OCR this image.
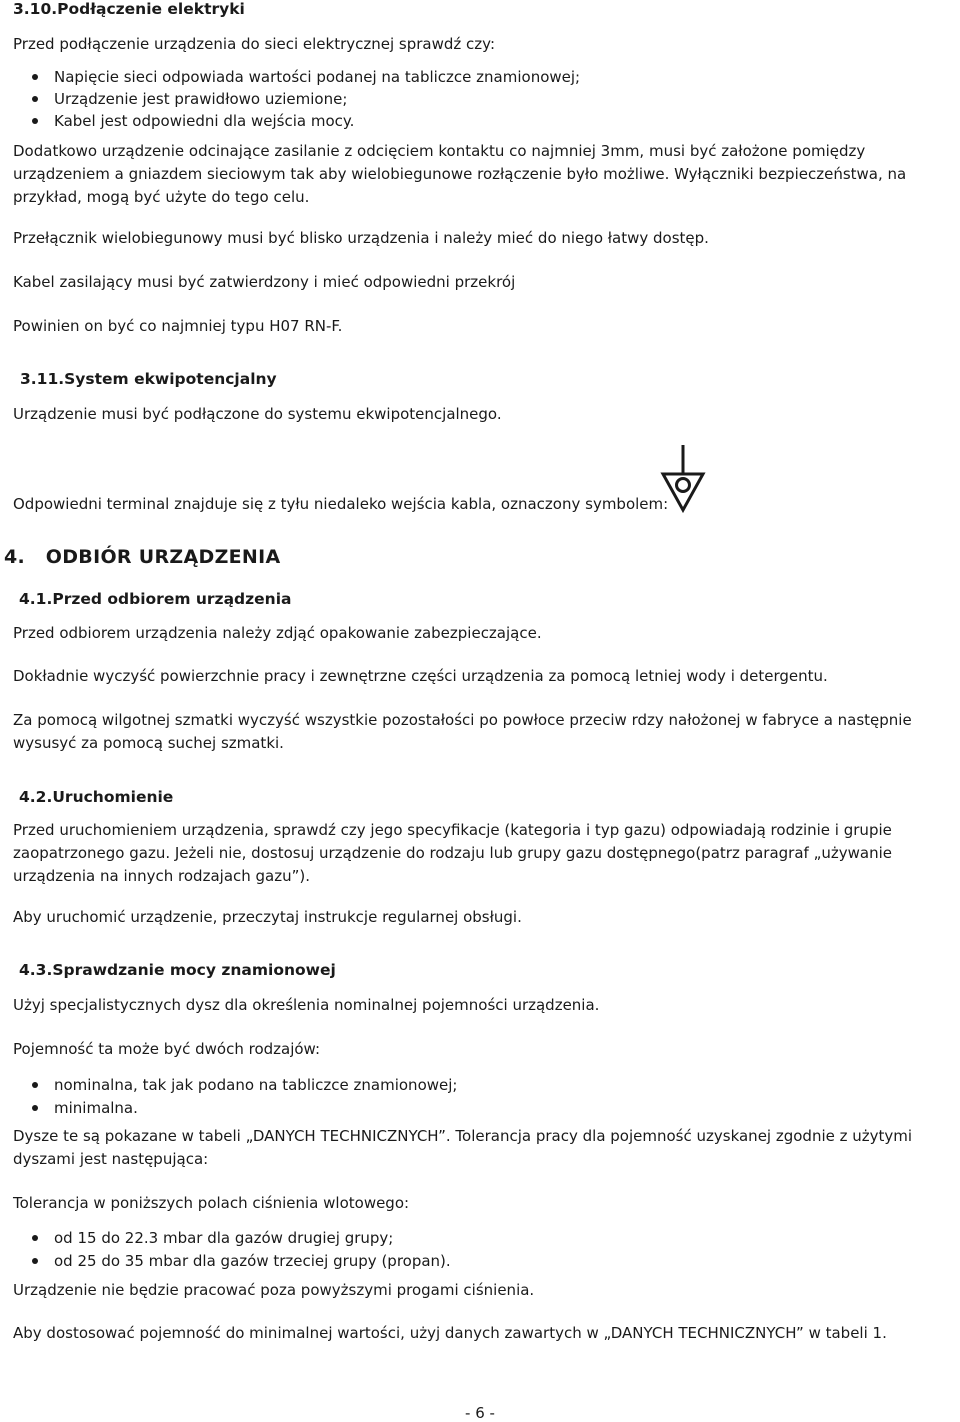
3.10.Podłączenie elektryki
Przed podłączenie urządzenia do sieci elektrycznej sprawdź czy:
Napięcie sieci odpowiada wartości podanej na tabliczce znamionowej;
Urządzenie jest prawidłowo uziemione;
Kabel jest odpowiedni dla wejścia mocy.
Dodatkowo urządzenie odcinające zasilanie z odcięciem kontaktu co najmniej 3mm, musi być założone pomiędzy urządzeniem a gniazdem sieciowym tak aby wielobiegunowe rozłączenie było możliwe. Wyłączniki bezpieczeństwa, na przykład, mogą być użyte do tego celu.
Przełącznik wielobiegunowy musi być blisko urządzenia i należy mieć do niego łatwy dostęp.
Kabel zasilający musi być zatwierdzony i mieć odpowiedni przekrój
Powinien on być co najmniej typu H07 RN-F.
3.11.System ekwipotencjalny
Urządzenie musi być podłączone do systemu ekwipotencjalnego.
Odpowiedni terminal znajduje się z tyłu niedaleko wejścia kabla, oznaczony symbolem:
4.   ODBIÓR URZĄDZENIA
4.1.Przed odbiorem urządzenia
Przed odbiorem urządzenia należy zdjąć opakowanie zabezpieczające.
Dokładnie wyczyść powierzchnie pracy i zewnętrzne części urządzenia za pomocą letniej wody i detergentu.
Za pomocą wilgotnej szmatki wyczyść wszystkie pozostałości po powłoce przeciw rdzy nałożonej w fabryce a następnie wysusyć za pomocą suchej szmatki.
4.2.Uruchomienie
Przed uruchomieniem urządzenia, sprawdź czy jego specyfikacje (kategoria i typ gazu) odpowiadają rodzinie i grupie zaopatrzonego gazu. Jeżeli nie, dostosuj urządzenie do rodzaju lub grupy gazu dostępnego(patrz paragraf „używanie urządzenia na innych rodzajach gazu”).
Aby uruchomić urządzenie, przeczytaj instrukcje regularnej obsługi.
4.3.Sprawdzanie mocy znamionowej
Użyj specjalistycznych dysz dla określenia nominalnej pojemności urządzenia.
Pojemność ta może być dwóch rodzajów:
nominalna, tak jak podano na tabliczce znamionowej;
minimalna.
Dysze te są pokazane w tabeli „DANYCH TECHNICZNYCH”. Tolerancja pracy dla pojemność uzyskanej zgodnie z użytymi dyszami jest następująca:
Tolerancja w poniższych polach ciśnienia wlotowego:
od 15 do 22.3 mbar dla gazów drugiej grupy;
od 25 do 35 mbar dla gazów trzeciej grupy (propan).
Urządzenie nie będzie pracować poza powyższymi progami ciśnienia.
Aby dostosować pojemność do minimalnej wartości, użyj danych zawartych w „DANYCH TECHNICZNYCH” w tabeli 1.
- 6 -
